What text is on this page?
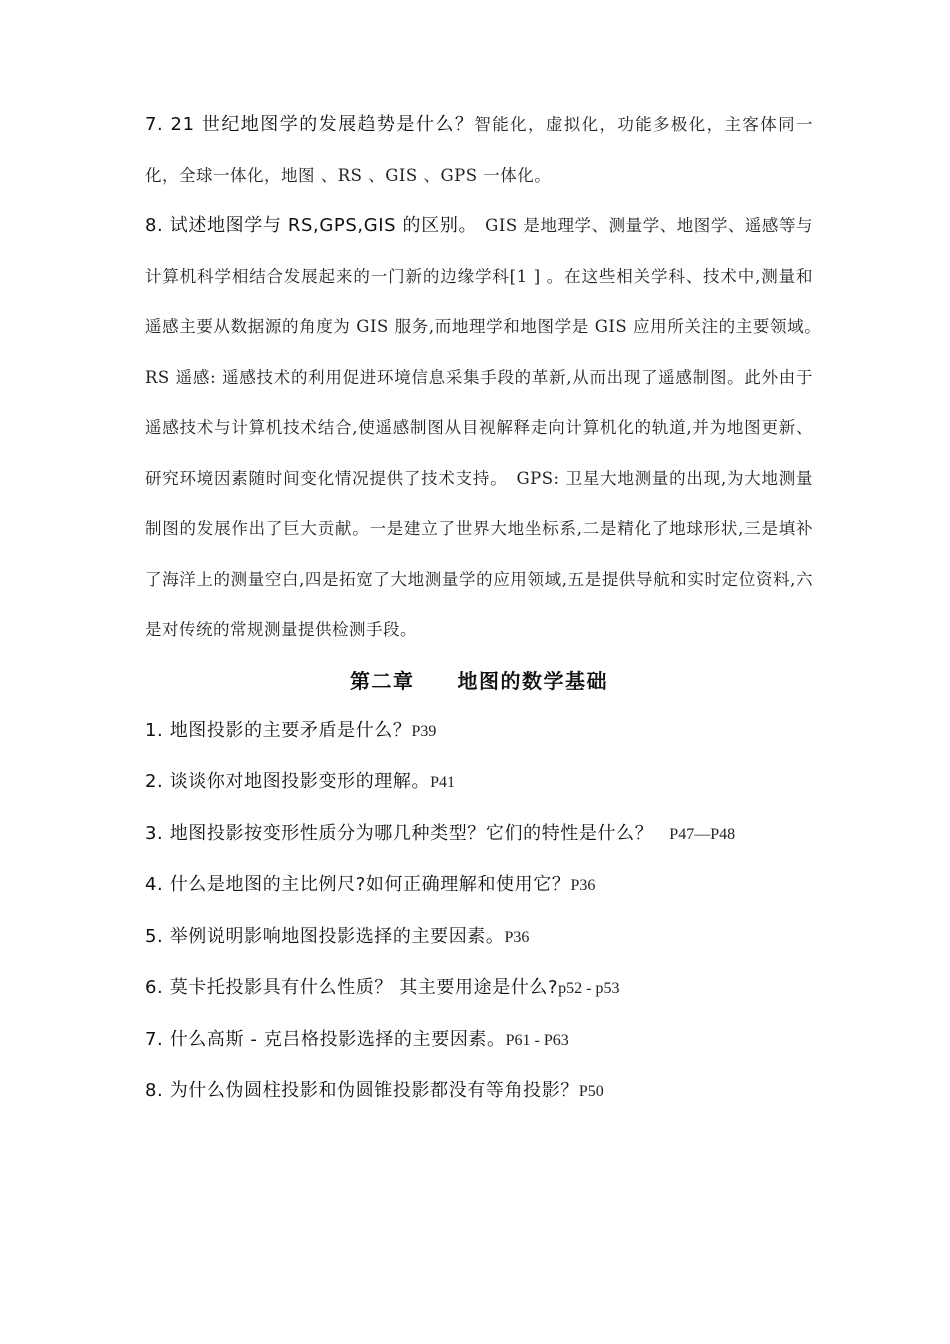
7. 21 世纪地图学的发展趋势是什么？智能化，虚拟化，功能多极化，主客体同一化，全球一体化，地图 、RS 、GIS 、GPS 一体化。

8. 试述地图学与 RS,GPS,GIS 的区别。　GIS 是地理学、测量学、地图学、遥感等与计算机科学相结合发展起来的一门新的边缘学科[1 ] 。在这些相关学科、技术中,测量和遥感主要从数据源的角度为 GIS 服务,而地理学和地图学是 GIS 应用所关注的主要领域。　RS 遥感: 遥感技术的利用促进环境信息采集手段的革新,从而出现了遥感制图。此外由于遥感技术与计算机技术结合,使遥感制图从目视解释走向计算机化的轨道,并为地图更新、研究环境因素随时间变化情况提供了技术支持。　GPS: 卫星大地测量的出现,为大地测量制图的发展作出了巨大贡献。一是建立了世界大地坐标系,二是精化了地球形状,三是填补了海洋上的测量空白,四是拓宽了大地测量学的应用领域,五是提供导航和实时定位资料,六是对传统的常规测量提供检测手段。

第二章　　地图的数学基础

1. 地图投影的主要矛盾是什么？P39

2. 谈谈你对地图投影变形的理解。P41

3. 地图投影按变形性质分为哪几种类型？它们的特性是什么？　P47—P48

4. 什么是地图的主比例尺?如何正确理解和使用它？P36

5. 举例说明影响地图投影选择的主要因素。P36

6. 莫卡托投影具有什么性质？ 其主要用途是什么?p52 - p53

7. 什么高斯 - 克吕格投影选择的主要因素。P61 - P63

8. 为什么伪圆柱投影和伪圆锥投影都没有等角投影？P50
